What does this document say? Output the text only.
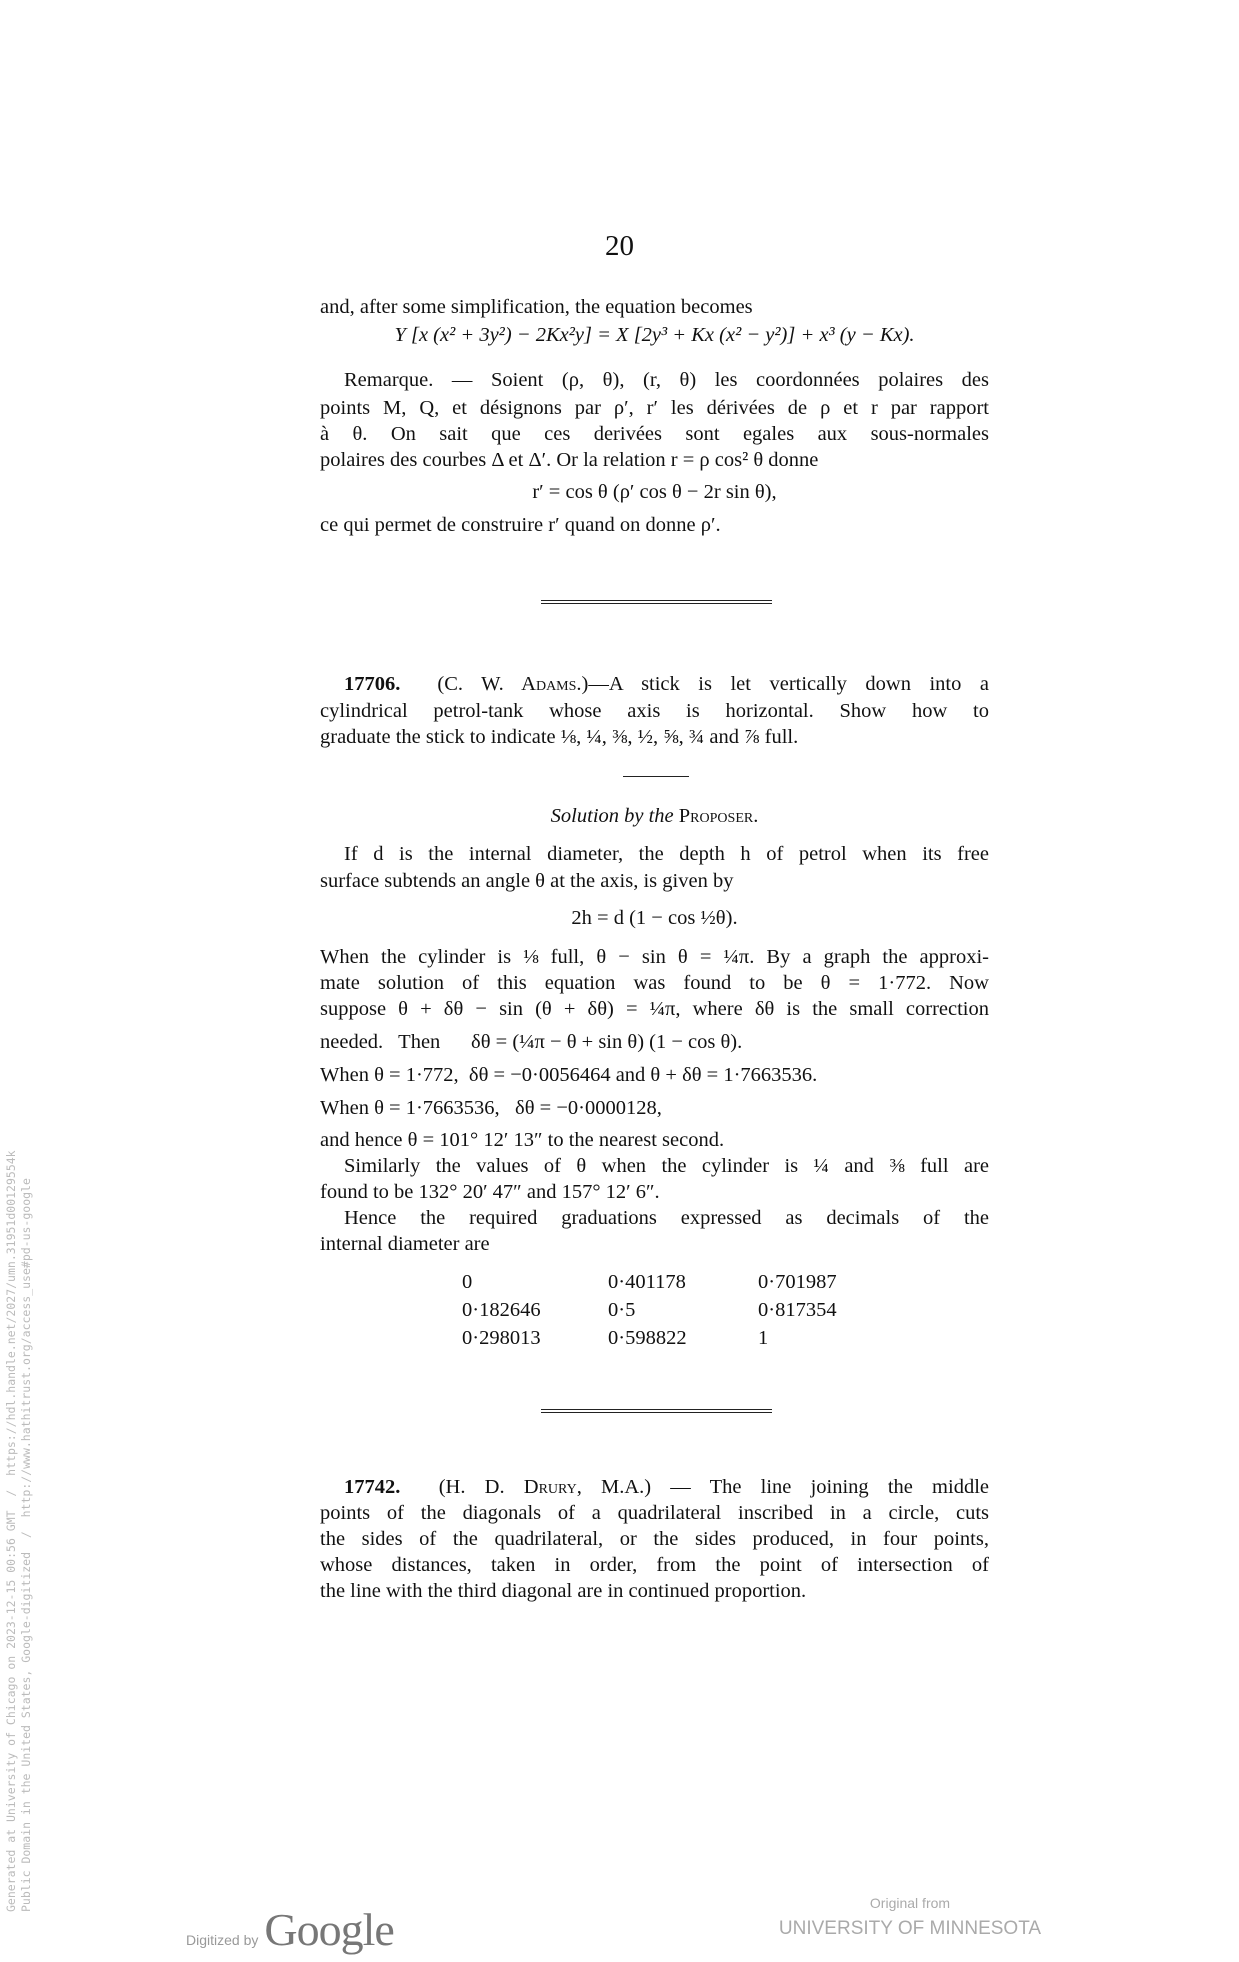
20
and, after some simplification, the equation becomes
Y [x (x² + 3y²) − 2Kx²y] = X [2y³ + Kx (x² − y²)] + x³ (y − Kx).
Remarque. — Soient (ρ, θ), (r, θ) les coordonnées polaires des
points M, Q, et désignons par ρ′, r′ les dérivées de ρ et r par rapport
à θ. On sait que ces derivées sont egales aux sous-normales
polaires des courbes Δ et Δ′. Or la relation r = ρ cos² θ donne
r′ = cos θ (ρ′ cos θ − 2r sin θ),
ce qui permet de construire r′ quand on donne ρ′.
17706. (C. W. Adams.)—A stick is let vertically down into a
cylindrical petrol-tank whose axis is horizontal. Show how to
graduate the stick to indicate ⅛, ¼, ⅜, ½, ⅝, ¾ and ⅞ full.
Solution by the Proposer.
If d is the internal diameter, the depth h of petrol when its free
surface subtends an angle θ at the axis, is given by
2h = d (1 − cos ½θ).
When the cylinder is ⅛ full, θ − sin θ = ¼π. By a graph the approxi-
mate solution of this equation was found to be θ = 1·772. Now
suppose θ + δθ − sin (θ + δθ) = ¼π, where δθ is the small correction
needed.   Then      δθ = (¼π − θ + sin θ) (1 − cos θ).
When θ = 1·772,  δθ = −0·0056464 and θ + δθ = 1·7663536.
When θ = 1·7663536,   δθ = −0·0000128,
and hence θ = 101° 12′ 13″ to the nearest second.
Similarly the values of θ when the cylinder is ¼ and ⅜ full are
found to be 132° 20′ 47″ and 157° 12′ 6″.
Hence the required graduations expressed as decimals of the
internal diameter are
0	0·401178	0·701987
0·182646	0·5	0·817354
0·298013	0·598822	1
17742. (H. D. Drury, M.A.) — The line joining the middle
points of the diagonals of a quadrilateral inscribed in a circle, cuts
the sides of the quadrilateral, or the sides produced, in four points,
whose distances, taken in order, from the point of intersection of
the line with the third diagonal are in continued proportion.
Generated at University of Chicago on 2023-12-15 00:56 GMT  /  https://hdl.handle.net/2027/umn.31951d00129554k Public Domain in the United States, Google-digitized  /  http://www.hathitrust.org/access_use#pd-us-google
Digitized by Google
Original from
UNIVERSITY OF MINNESOTA
